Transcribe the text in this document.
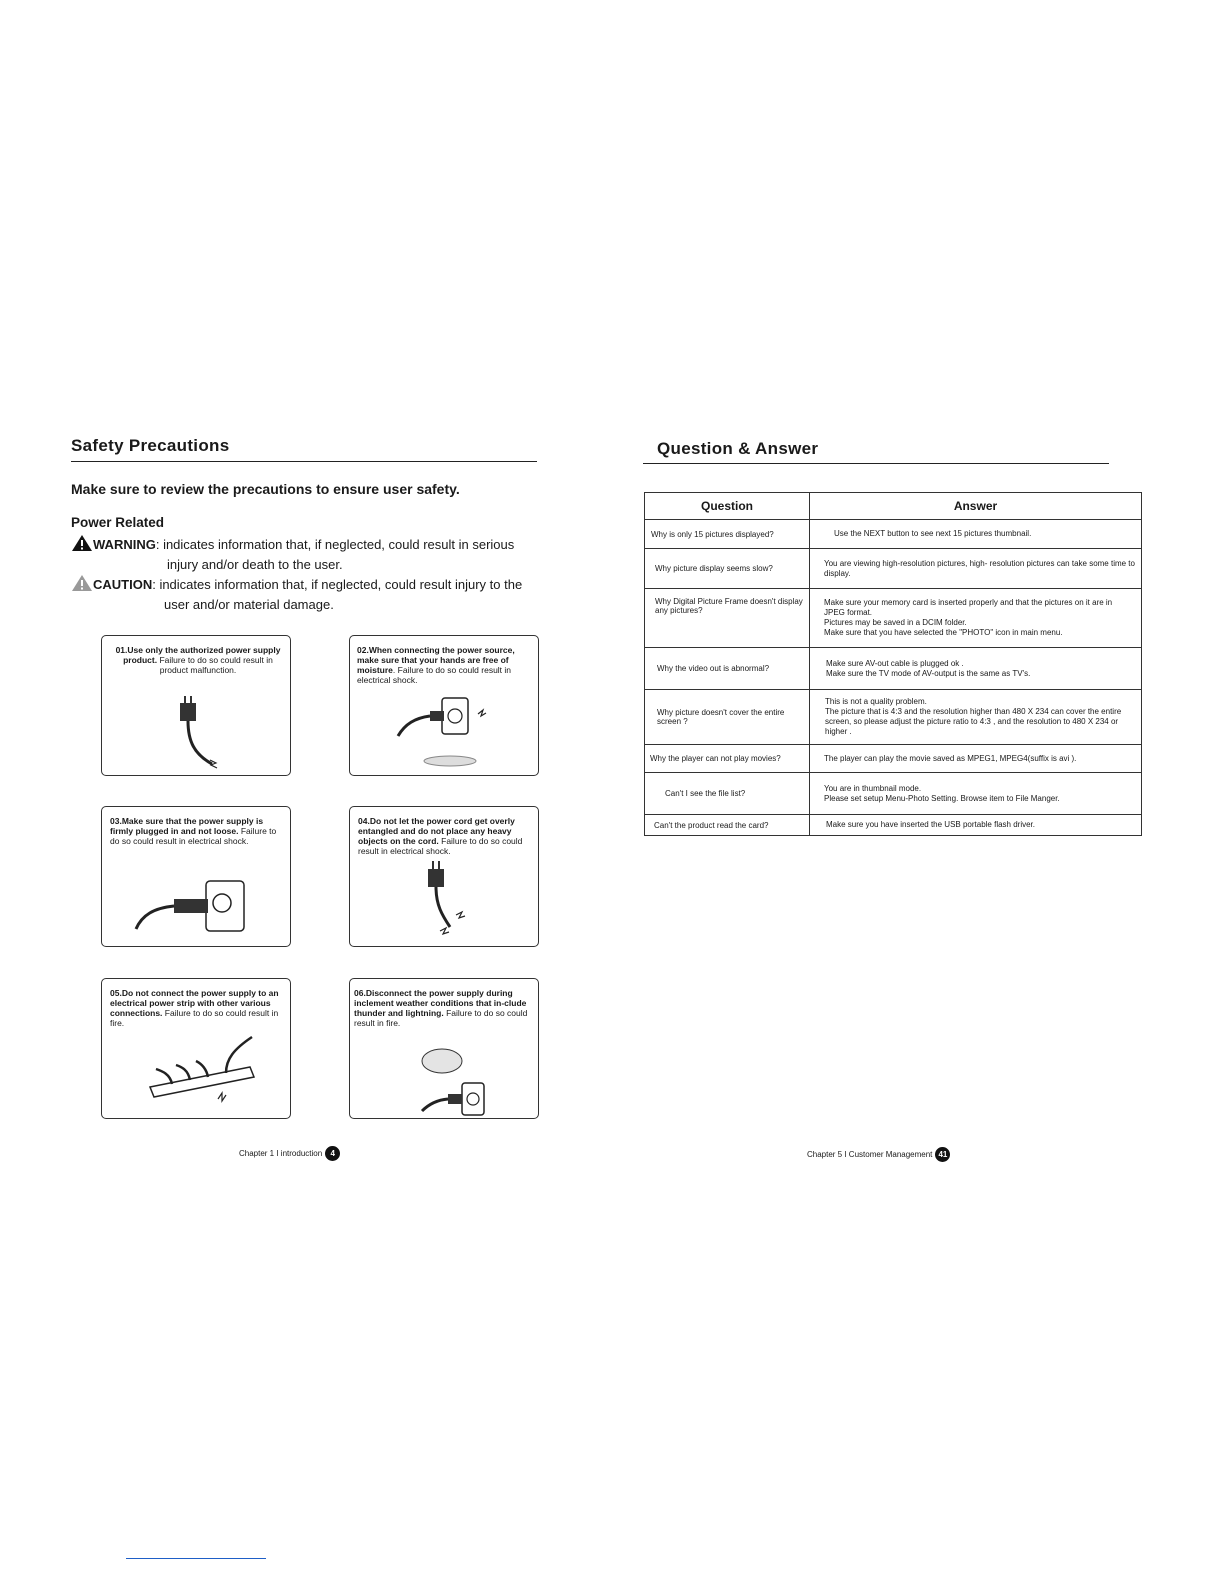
Safety Precautions
Make sure to review the precautions to ensure user safety.
Power Related
WARNING: indicates information that, if neglected, could result in serious
injury and/or death to the user.
CAUTION: indicates information that, if neglected, could result injury to the
user and/or material damage.
01.Use only the authorized power supply product. Failure to do so could result in product malfunction.
02.When connecting the power source, make sure that your hands are free of moisture. Failure to do so could result in electrical shock.
03.Make sure that the power supply is firmly plugged in and not loose. Failure to do so could result in electrical shock.
04.Do not let the power cord get overly entangled and do not place any heavy objects on the cord. Failure to do so could result in electrical shock.
05.Do not connect the power supply to an electrical power strip with other various connections. Failure to do so could result in fire.
06.Disconnect the power supply during inclement weather conditions that in-clude thunder and lightning. Failure to do so could result in fire.
Chapter 1 I introduction	4
Question & Answer
Question	Answer
Why is only 15 pictures displayed?	Use the NEXT button to see next 15 pictures thumbnail.
Why picture display seems slow?	You are viewing high-resolution pictures, high- resolution pictures can take some time to display.
Why Digital Picture Frame doesn't display any pictures?	Make sure your memory card is inserted properly and that the pictures on it are in JPEG format.
Pictures may be saved in a DCIM folder.
Make sure that you have selected the "PHOTO" icon in main menu.
Why the video out is abnormal?	Make sure AV-out cable is plugged ok .
Make sure the TV mode of AV-output is the same as TV's.
Why picture doesn't cover the entire screen ?	This is not a quality problem.
The picture that is 4:3 and the resolution higher than 480 X 234 can cover the entire screen, so please adjust the picture ratio to 4:3 , and the resolution to 480 X 234 or higher .
Why the player can not play movies?	The player can play the movie saved as MPEG1, MPEG4(suffix is avi ).
Can't I see the file list?	You are in thumbnail mode.
Please set setup Menu-Photo Setting. Browse item to File Manger.
Can't the product read the card?	Make sure you have inserted the USB portable flash driver.
Chapter 5 I Customer Management 41
